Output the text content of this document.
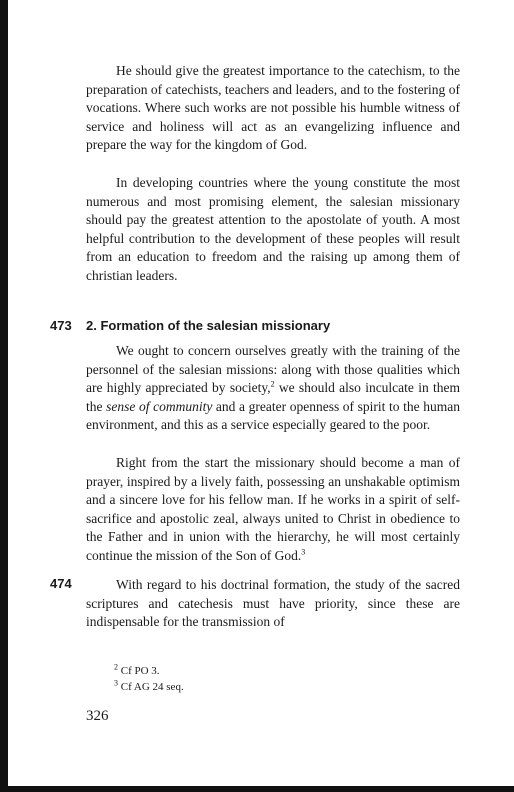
He should give the greatest importance to the catechism, to the preparation of catechists, teachers and leaders, and to the fostering of vocations. Where such works are not possible his humble witness of service and holiness will act as an evangelizing influence and prepare the way for the kingdom of God.

In developing countries where the young constitute the most numerous and most promising element, the salesian missionary should pay the greatest attention to the apostolate of youth. A most helpful contribution to the development of these peoples will result from an education to freedom and the raising up among them of christian leaders.

473 2. Formation of the salesian missionary

We ought to concern ourselves greatly with the training of the personnel of the salesian missions: along with those qualities which are highly appreciated by society,$^2$ we should also inculcate in them the sense of community and a greater openness of spirit to the human environment, and this as a service especially geared to the poor.

Right from the start the missionary should become a man of prayer, inspired by a lively faith, possessing an unshakable optimism and a sincere love for his fellow man. If he works in a spirit of self-sacrifice and apostolic zeal, always united to Christ in obedience to the Father and in union with the hierarchy, he will most certainly continue the mission of the Son of God.$^3$

474	With regard to his doctrinal formation, the study of the sacred scriptures and catechesis must have priority, since these are indispensable for the transmission of

$^2$ Cf PO 3.
$^3$ Cf AG 24 seq.
326
